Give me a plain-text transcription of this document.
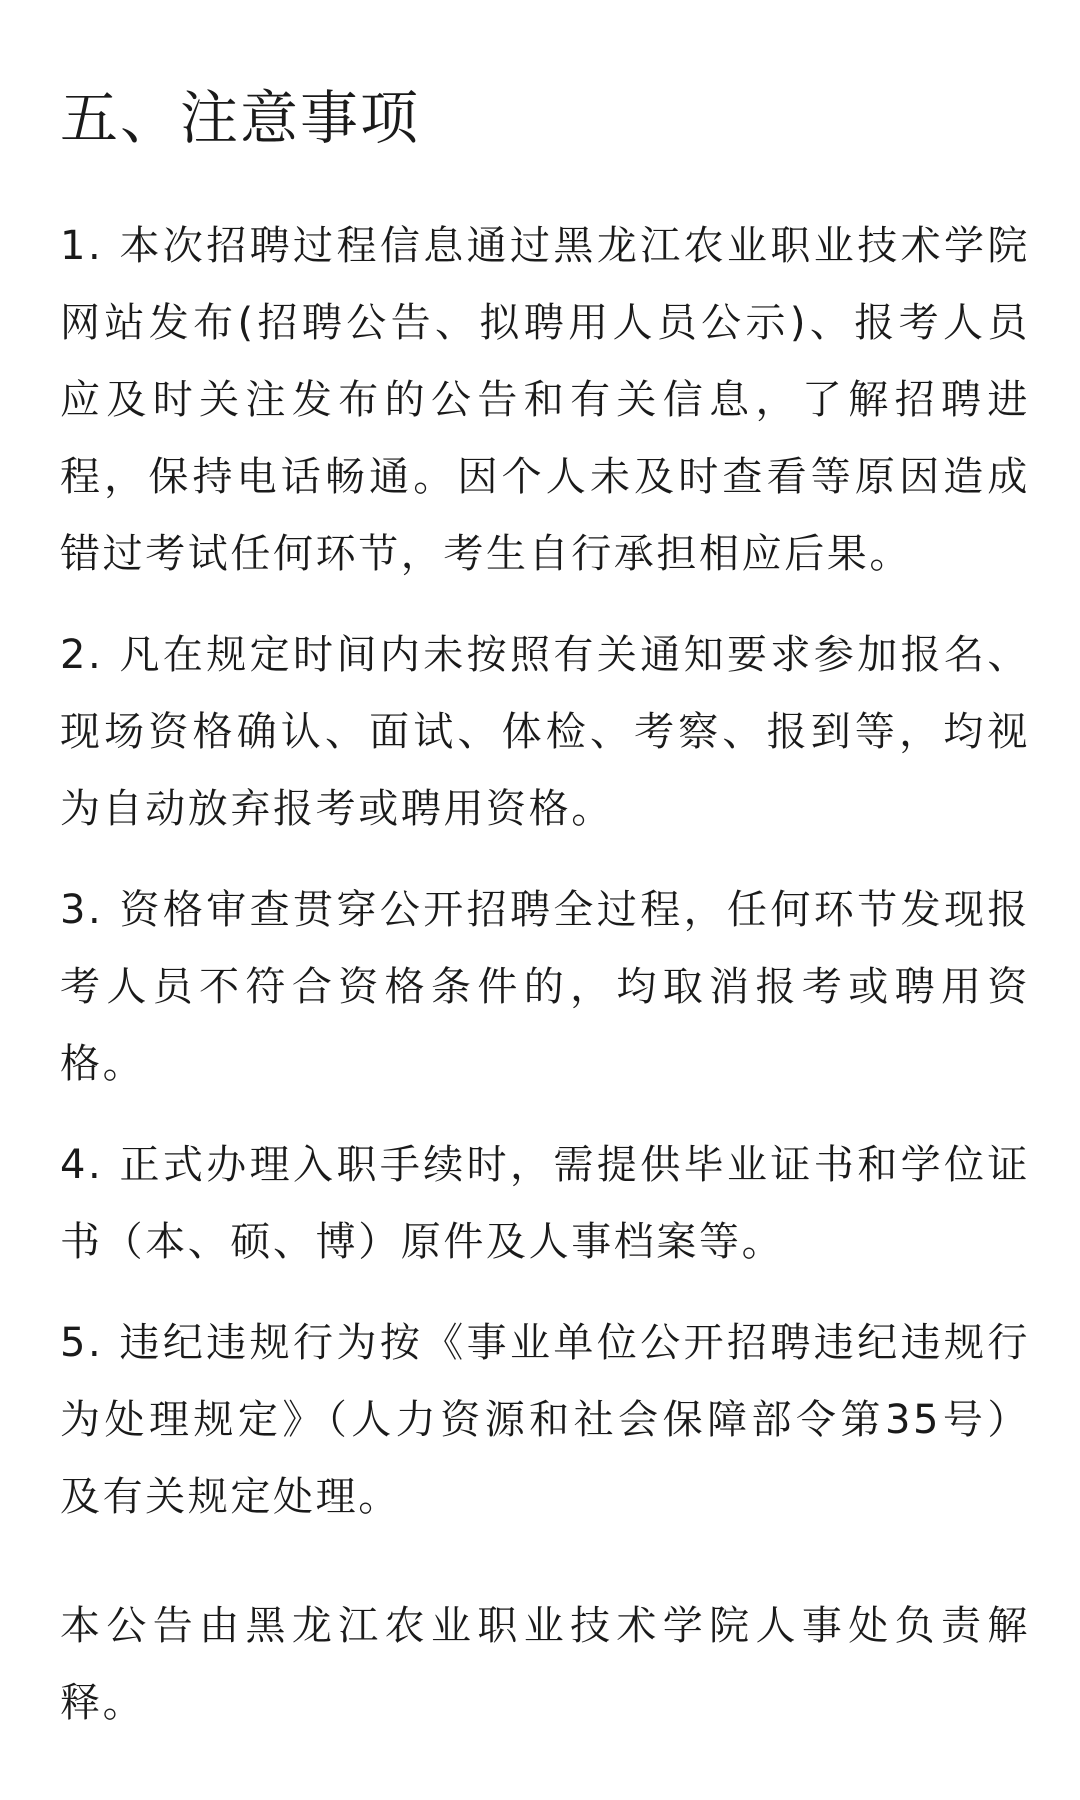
五、注意事项

1. 本次招聘过程信息通过黑龙江农业职业技术学院网站发布(招聘公告、拟聘用人员公示)、报考人员应及时关注发布的公告和有关信息，了解招聘进程，保持电话畅通。因个人未及时查看等原因造成错过考试任何环节，考生自行承担相应后果。

2. 凡在规定时间内未按照有关通知要求参加报名、现场资格确认、面试、体检、考察、报到等，均视为自动放弃报考或聘用资格。

3. 资格审查贯穿公开招聘全过程，任何环节发现报考人员不符合资格条件的，均取消报考或聘用资格。

4. 正式办理入职手续时，需提供毕业证书和学位证书（本、硕、博）原件及人事档案等。

5. 违纪违规行为按《事业单位公开招聘违纪违规行为处理规定》（人力资源和社会保障部令第35号）及有关规定处理。

本公告由黑龙江农业职业技术学院人事处负责解释。
